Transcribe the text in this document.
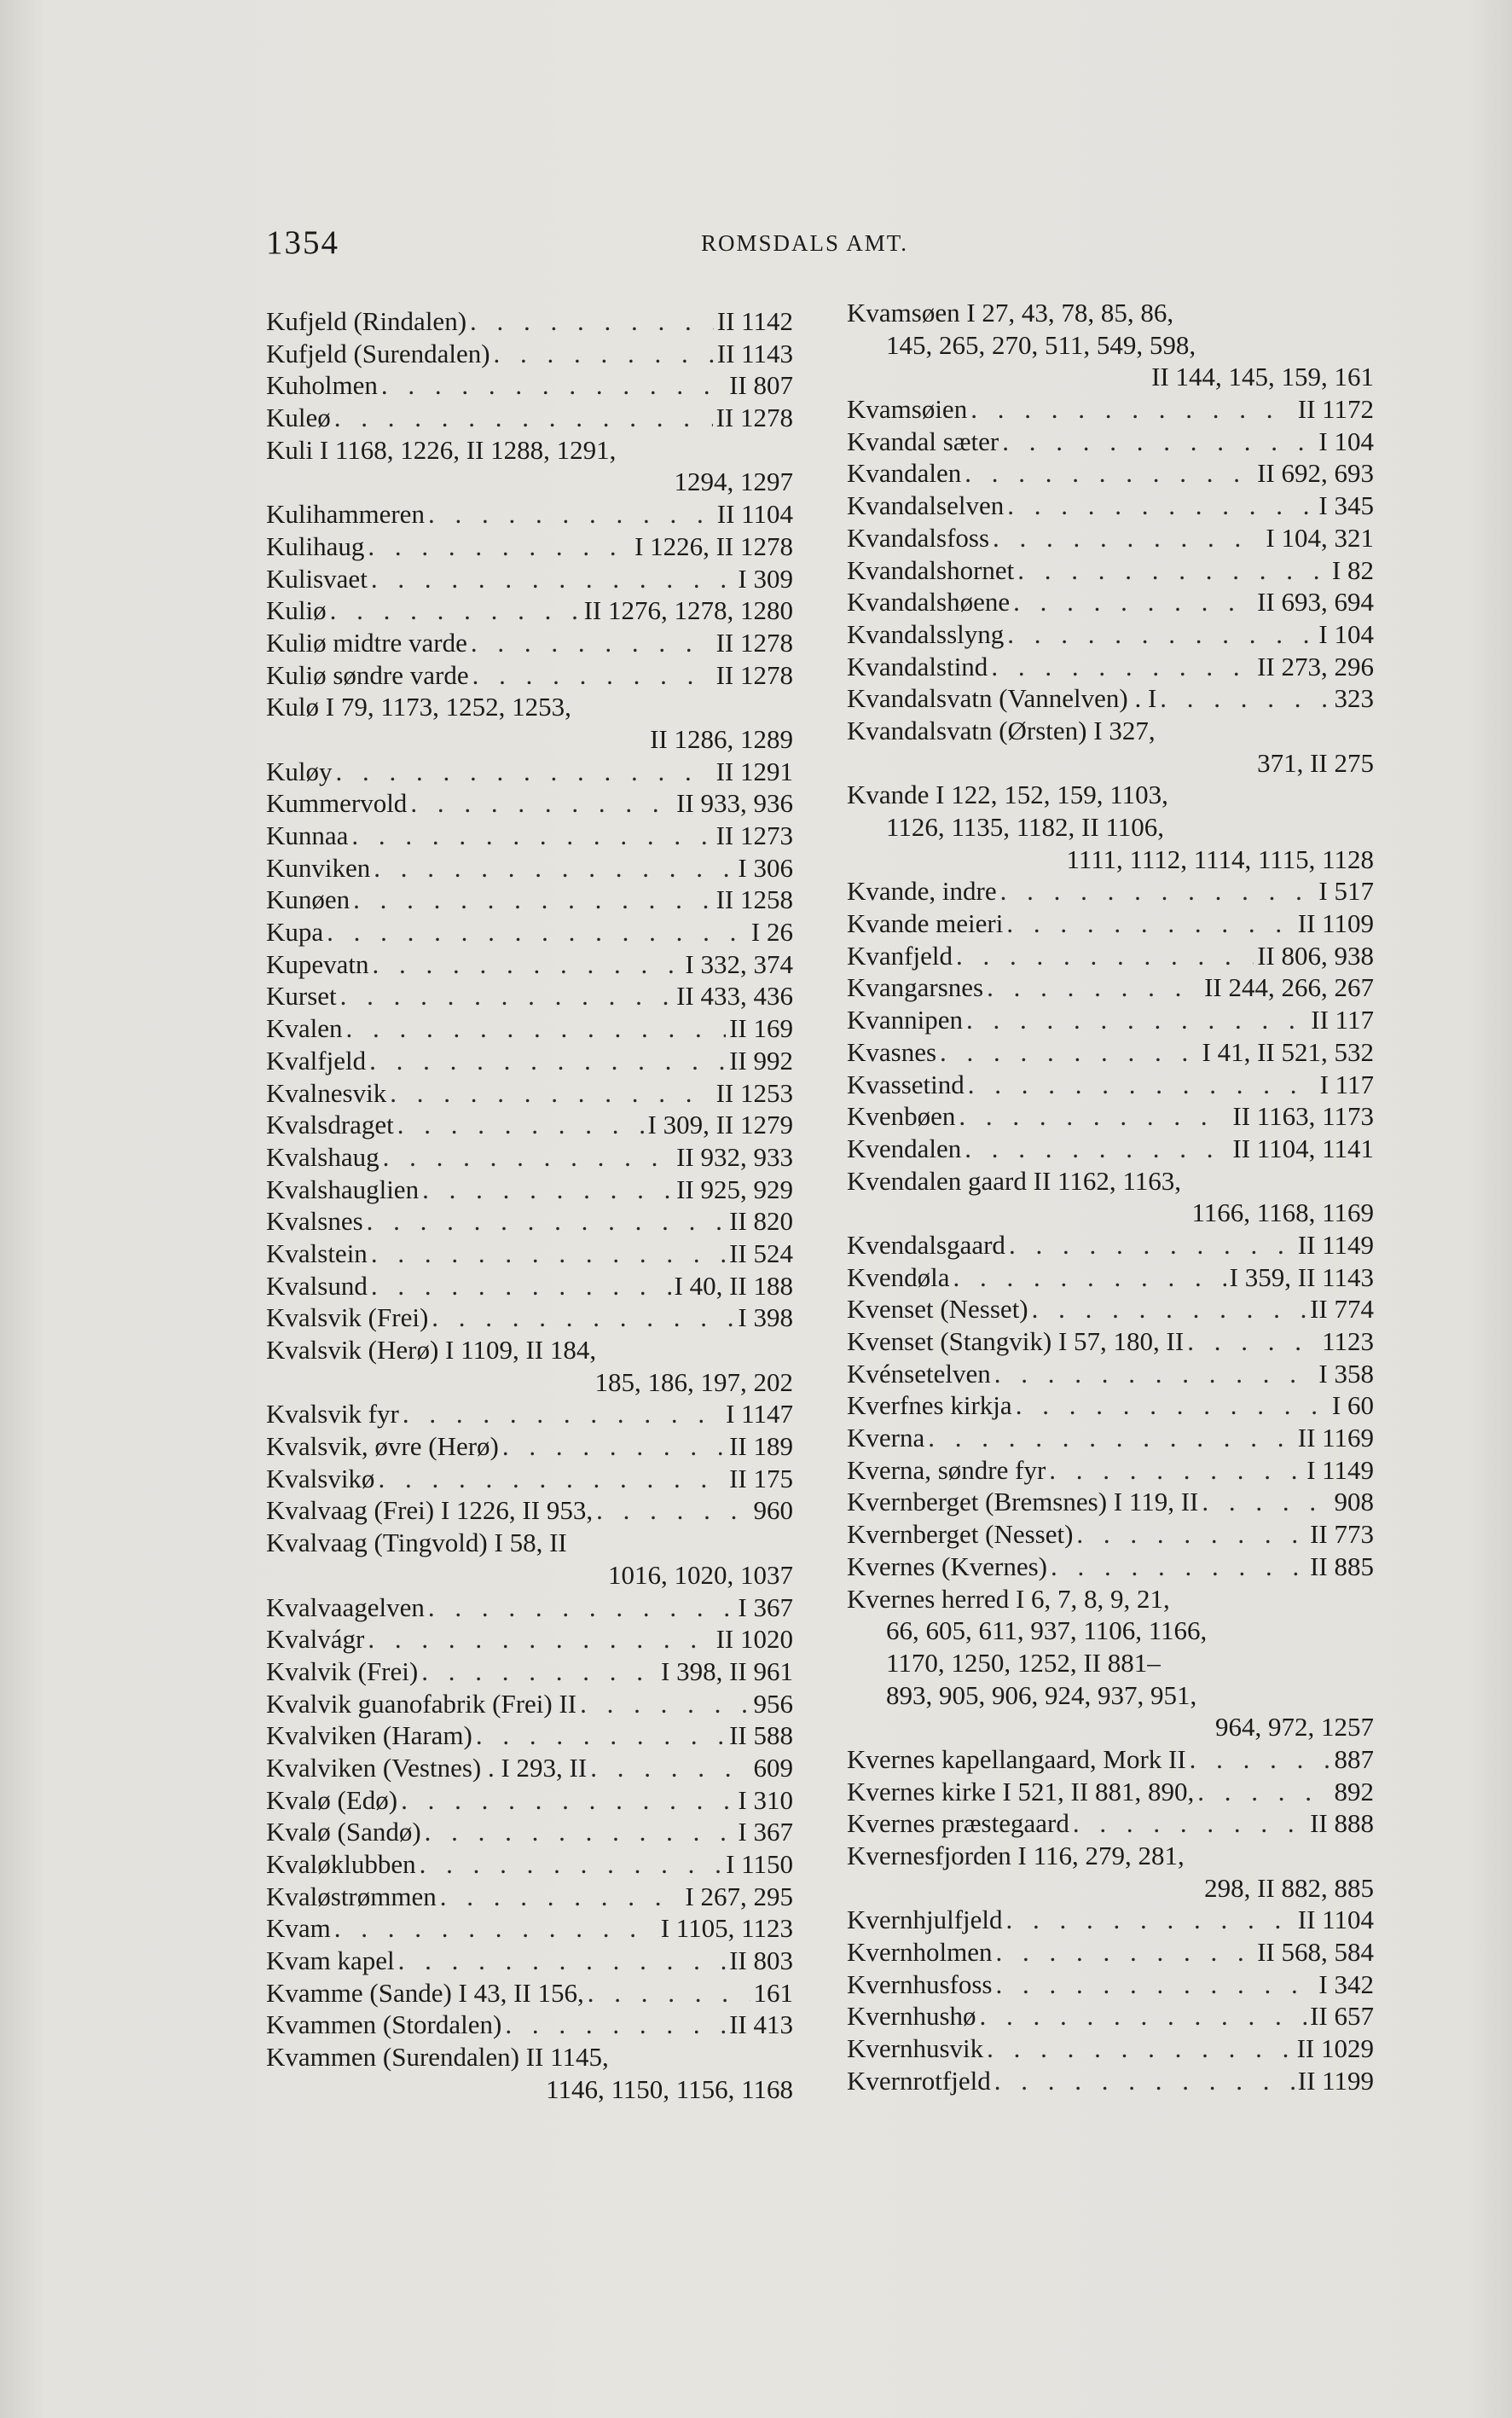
1354	ROMSDALS AMT.
Kufjeld (Rindalen) . . .	II 1142
Kufjeld (Surendalen) . . .	II 1143
Kuholmen . . .	II 807
Kuleø . . .	II 1278
Kuli I 1168, 1226, II 1288, 1291,
1294, 1297
Kulihammeren . . .	II 1104
Kulihaug . . .	I 1226, II 1278
Kulisvaet . . .	I 309
Kuliø . . .	II 1276, 1278, 1280
Kuliø midtre varde . . .	II 1278
Kuliø søndre varde . . .	II 1278
Kulø I 79, 1173, 1252, 1253,
II 1286, 1289
Kuløy . . .	II 1291
Kummervold . . .	II 933, 936
Kunnaa . . .	II 1273
Kunviken . . .	I 306
Kunøen . . .	II 1258
Kupa . . .	I 26
Kupevatn . . .	I 332, 374
Kurset . . .	II 433, 436
Kvalen . . .	II 169
Kvalfjeld . . .	II 992
Kvalnesvik . . .	II 1253
Kvalsdraget . . .	I 309, II 1279
Kvalshaug . . .	II 932, 933
Kvalshauglien . . .	II 925, 929
Kvalsnes . . .	II 820
Kvalstein . . .	II 524
Kvalsund . . .	I 40, II 188
Kvalsvik (Frei) . . .	I 398
Kvalsvik (Herø) I 1109, II 184,
185, 186, 197, 202
Kvalsvik fyr . . .	I 1147
Kvalsvik, øvre (Herø) . . .	II 189
Kvalsvikø . . .	II 175
Kvalvaag (Frei) I 1226, II 953, . . .	960
Kvalvaag (Tingvold) I 58, II
1016, 1020, 1037
Kvalvaagelven . . .	I 367
Kvalvágr . . .	II 1020
Kvalvik (Frei) . . .	I 398, II 961
Kvalvik guanofabrik (Frei) II . . .	956
Kvalviken (Haram) . . .	II 588
Kvalviken (Vestnes) . I 293, II . . .	609
Kvalø (Edø) . . .	I 310
Kvalø (Sandø) . . .	I 367
Kvaløklubben . . .	I 1150
Kvaløstrømmen . . .	I 267, 295
Kvam . . .	I 1105, 1123
Kvam kapel . . .	II 803
Kvamme (Sande) I 43, II 156, . . .	161
Kvammen (Stordalen) . . .	II 413
Kvammen (Surendalen) II 1145,
1146, 1150, 1156, 1168
Kvamsøen I 27, 43, 78, 85, 86,
145, 265, 270, 511, 549, 598,
II 144, 145, 159, 161
Kvamsøien . . .	II 1172
Kvandal sæter . . .	I 104
Kvandalen . . .	II 692, 693
Kvandalselven . . .	I 345
Kvandalsfoss . . .	I 104, 321
Kvandalshornet . . .	I 82
Kvandalshøene . . .	II 693, 694
Kvandalsslyng . . .	I 104
Kvandalstind . . .	II 273, 296
Kvandalsvatn (Vannelven) . I . . .	323
Kvandalsvatn (Ørsten) I 327,
371, II 275
Kvande I 122, 152, 159, 1103,
1126, 1135, 1182, II 1106,
1111, 1112, 1114, 1115, 1128
Kvande, indre . . .	I 517
Kvande meieri . . .	II 1109
Kvanfjeld . . .	II 806, 938
Kvangarsnes . . .	II 244, 266, 267
Kvannipen . . .	II 117
Kvasnes . . .	I 41, II 521, 532
Kvassetind . . .	I 117
Kvenbøen . . .	II 1163, 1173
Kvendalen . . .	II 1104, 1141
Kvendalen gaard II 1162, 1163,
1166, 1168, 1169
Kvendalsgaard . . .	II 1149
Kvendøla . . .	I 359, II 1143
Kvenset (Nesset) . . .	II 774
Kvenset (Stangvik) I 57, 180, II . . .	1123
Kvénsetelven . . .	I 358
Kverfnes kirkja . . .	I 60
Kverna . . .	II 1169
Kverna, søndre fyr . . .	I 1149
Kvernberget (Bremsnes) I 119, II . . .	908
Kvernberget (Nesset) . . .	II 773
Kvernes (Kvernes) . . .	II 885
Kvernes herred I 6, 7, 8, 9, 21,
66, 605, 611, 937, 1106, 1166,
1170, 1250, 1252, II 881–
893, 905, 906, 924, 937, 951,
964, 972, 1257
Kvernes kapellangaard, Mork II . . .	887
Kvernes kirke I 521, II 881, 890, . . .	892
Kvernes præstegaard . . .	II 888
Kvernesfjorden I 116, 279, 281,
298, II 882, 885
Kvernhjulfjeld . . .	II 1104
Kvernholmen . . .	II 568, 584
Kvernhusfoss . . .	I 342
Kvernhushø . . .	II 657
Kvernhusvik . . .	II 1029
Kvernrotfjeld . . .	II 1199
